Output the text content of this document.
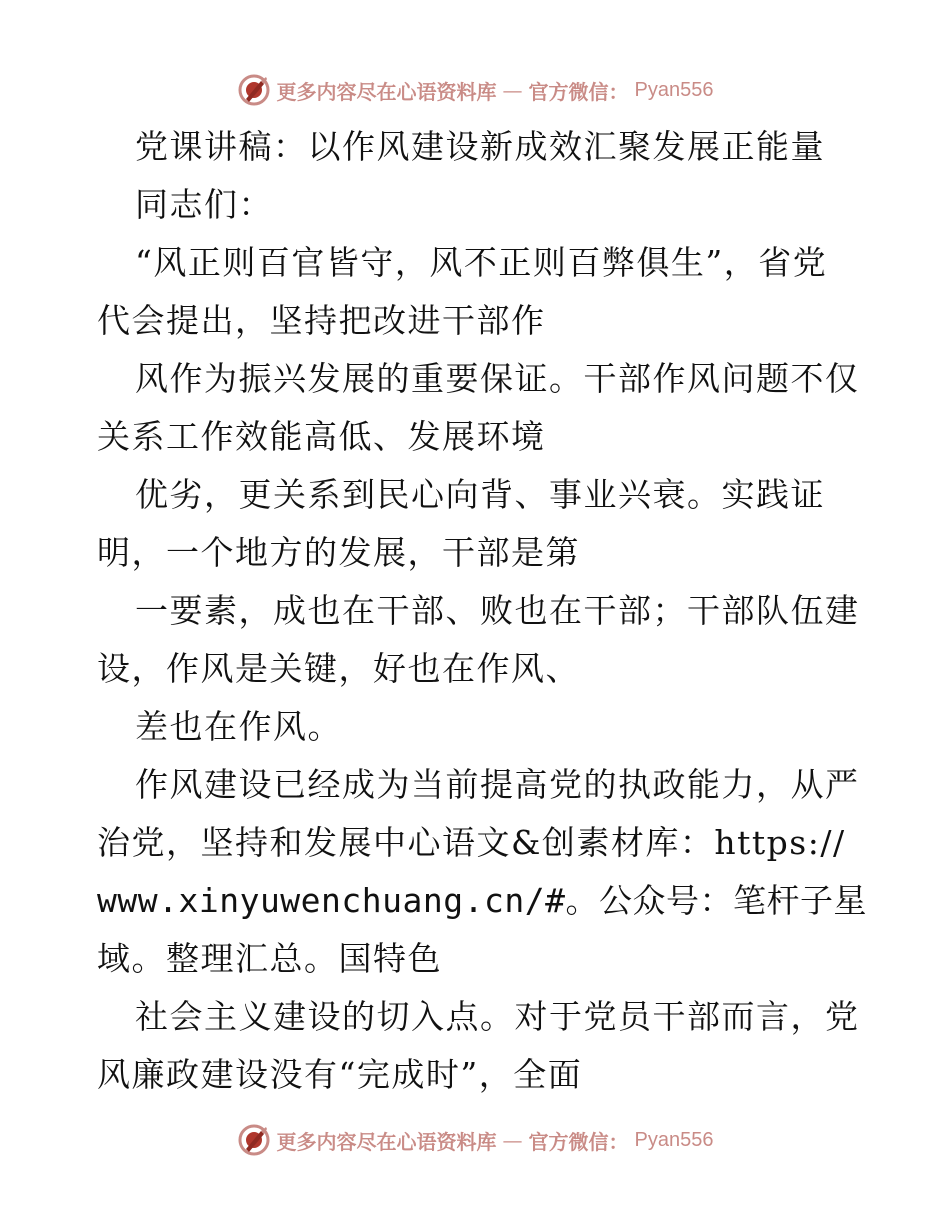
更多内容尽在心语资料库 — 官方微信： Pyan556
党课讲稿：以作风建设新成效汇聚发展正能量
同志们：
“风正则百官皆守，风不正则百弊俱生”，省党
代会提出，坚持把改进干部作
风作为振兴发展的重要保证。干部作风问题不仅
关系工作效能高低、发展环境
优劣，更关系到民心向背、事业兴衰。实践证
明，一个地方的发展，干部是第
一要素，成也在干部、败也在干部；干部队伍建
设，作风是关键，好也在作风、
差也在作风。
作风建设已经成为当前提高党的执政能力，从严
治党，坚持和发展中心语文&创素材库：https://
www.xinyuwenchuang.cn/#。公众号：笔杆子星
域。整理汇总。国特色
社会主义建设的切入点。对于党员干部而言，党
风廉政建设没有“完成时”，全面
更多内容尽在心语资料库 — 官方微信： Pyan556
